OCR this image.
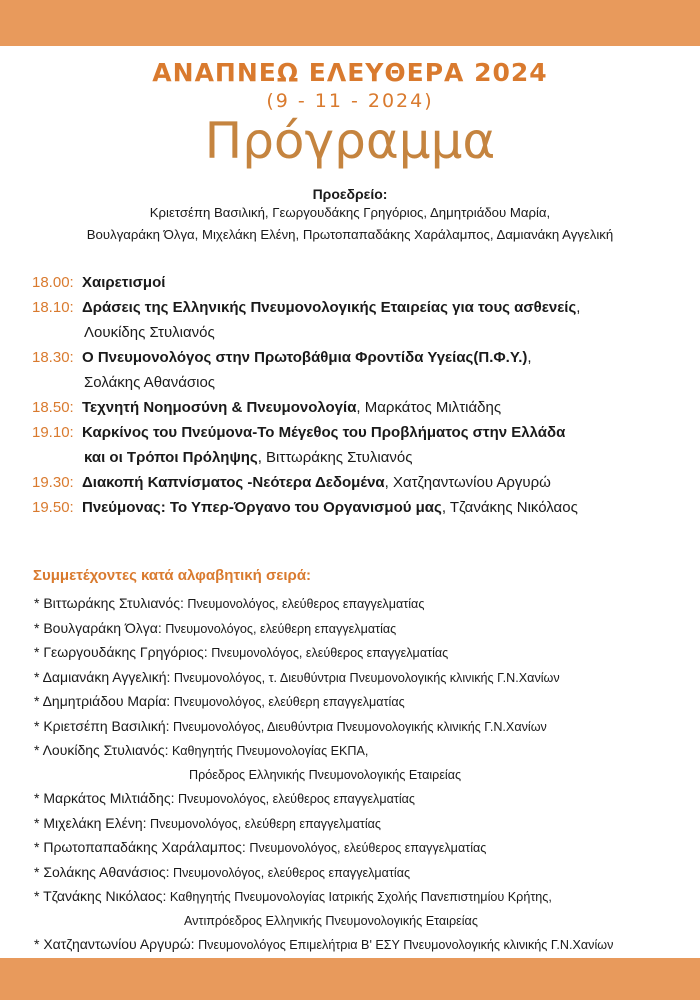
ΑΝΑΠΝΕΩ ΕΛΕΥΘΕΡΑ 2024
(9 - 11 - 2024)
Πρόγραμμα
Προεδρείο:
Κριετσέπη Βασιλική, Γεωργουδάκης Γρηγόριος, Δημητριάδου Μαρία,
Βουλγαράκη Όλγα, Μιχελάκη Ελένη, Πρωτοπαπαδάκης Χαράλαμπος, Δαμιανάκη Αγγελική
18.00: Χαιρετισμοί
18.10: Δράσεις της Ελληνικής Πνευμονολογικής Εταιρείας για τους ασθενείς,
Λουκίδης Στυλιανός
18.30: Ο Πνευμονολόγος στην Πρωτοβάθμια Φροντίδα Υγείας(Π.Φ.Υ.),
Σολάκης Αθανάσιος
18.50: Τεχνητή Νοημοσύνη & Πνευμονολογία, Μαρκάτος Μιλτιάδης
19.10: Καρκίνος του Πνεύμονα-Το Μέγεθος του Προβλήματος στην Ελλάδα
και οι Τρόποι Πρόληψης, Βιττωράκης Στυλιανός
19.30: Διακοπή Καπνίσματος -Νεότερα Δεδομένα, Χατζηαντωνίου Αργυρώ
19.50: Πνεύμονας: Το Υπερ-Όργανο του Οργανισμού μας, Τζανάκης Νικόλαος
Συμμετέχοντες κατά αλφαβητική σειρά:
* Βιττωράκης Στυλιανός: Πνευμονολόγος, ελεύθερος επαγγελματίας
* Βουλγαράκη Όλγα: Πνευμονολόγος, ελεύθερη επαγγελματίας
* Γεωργουδάκης Γρηγόριος: Πνευμονολόγος, ελεύθερος επαγγελματίας
* Δαμιανάκη Αγγελική: Πνευμονολόγος, τ. Διευθύντρια Πνευμονολογικής κλινικής Γ.Ν.Χανίων
* Δημητριάδου Μαρία: Πνευμονολόγος, ελεύθερη επαγγελματίας
* Κριετσέπη Βασιλική: Πνευμονολόγος, Διευθύντρια Πνευμονολογικής κλινικής Γ.Ν.Χανίων
* Λουκίδης Στυλιανός: Καθηγητής Πνευμονολογίας ΕΚΠΑ,
Πρόεδρος Ελληνικής Πνευμονολογικής Εταιρείας
* Μαρκάτος Μιλτιάδης: Πνευμονολόγος, ελεύθερος επαγγελματίας
* Μιχελάκη Ελένη: Πνευμονολόγος, ελεύθερη επαγγελματίας
* Πρωτοπαπαδάκης Χαράλαμπος: Πνευμονολόγος, ελεύθερος επαγγελματίας
* Σολάκης Αθανάσιος: Πνευμονολόγος, ελεύθερος επαγγελματίας
* Τζανάκης Νικόλαος: Καθηγητής Πνευμονολογίας Ιατρικής Σχολής Πανεπιστημίου Κρήτης,
Αντιπρόεδρος Ελληνικής Πνευμονολογικής Εταιρείας
* Χατζηαντωνίου Αργυρώ: Πνευμονολόγος Επιμελήτρια Β' ΕΣΥ Πνευμονολογικής κλινικής Γ.Ν.Χανίων
